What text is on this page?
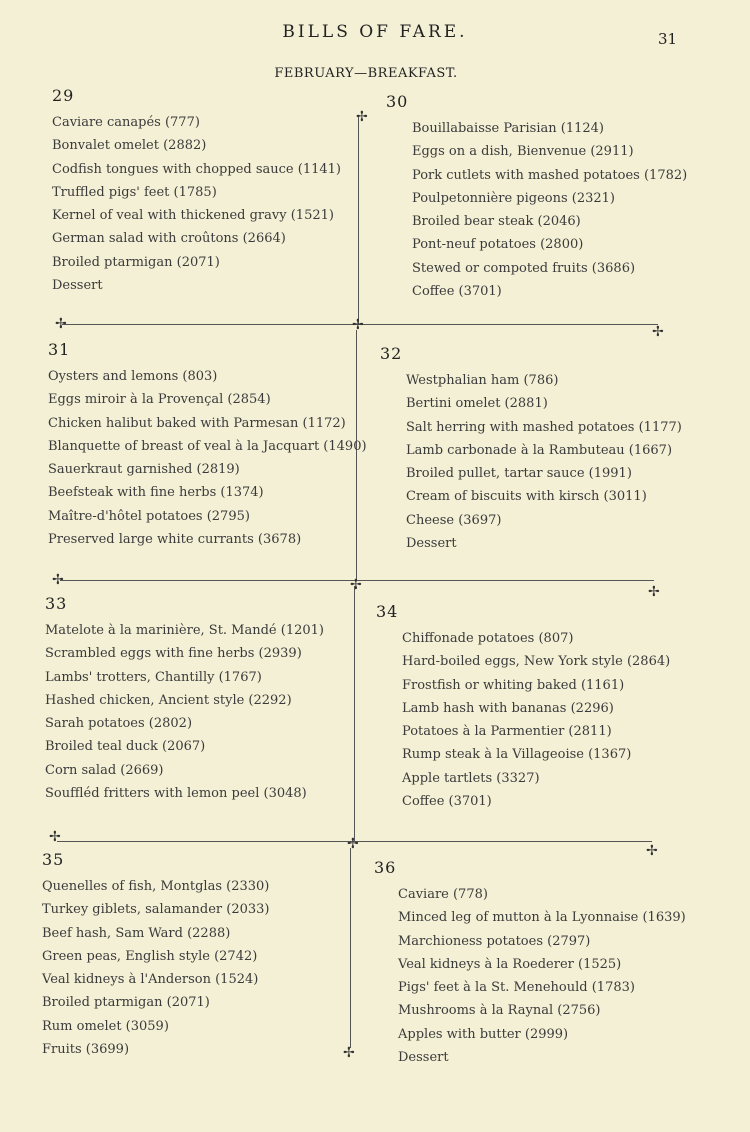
BILLS OF FARE.	31
FEBRUARY—BREAKFAST.
✢
✢	✢	✢
✢	✢	✢
✢	✢	✢
✢
29
Caviare canapés (777)
Bonvalet omelet (2882)
Codfish tongues with chopped sauce (1141)
Truffled pigs' feet (1785)
Kernel of veal with thickened gravy (1521)
German salad with croûtons (2664)
Broiled ptarmigan (2071)
Dessert
30
Bouillabaisse Parisian (1124)
Eggs on a dish, Bienvenue (2911)
Pork cutlets with mashed potatoes (1782)
Poulpetonnière pigeons (2321)
Broiled bear steak (2046)
Pont-neuf potatoes (2800)
Stewed or compoted fruits (3686)
Coffee (3701)
31
Oysters and lemons (803)
Eggs miroir à la Provençal (2854)
Chicken halibut baked with Parmesan (1172)
Blanquette of breast of veal à la Jacquart (1490)
Sauerkraut garnished (2819)
Beefsteak with fine herbs (1374)
Maître-d'hôtel potatoes (2795)
Preserved large white currants (3678)
32
Westphalian ham (786)
Bertini omelet (2881)
Salt herring with mashed potatoes (1177)
Lamb carbonade à la Rambuteau (1667)
Broiled pullet, tartar sauce (1991)
Cream of biscuits with kirsch (3011)
Cheese (3697)
Dessert
33
Matelote à la marinière, St. Mandé (1201)
Scrambled eggs with fine herbs (2939)
Lambs' trotters, Chantilly (1767)
Hashed chicken, Ancient style (2292)
Sarah potatoes (2802)
Broiled teal duck (2067)
Corn salad (2669)
Souffléd fritters with lemon peel (3048)
34
Chiffonade potatoes (807)
Hard-boiled eggs, New York style (2864)
Frostfish or whiting baked (1161)
Lamb hash with bananas (2296)
Potatoes à la Parmentier (2811)
Rump steak à la Villageoise (1367)
Apple tartlets (3327)
Coffee (3701)
35
Quenelles of fish, Montglas (2330)
Turkey giblets, salamander (2033)
Beef hash, Sam Ward (2288)
Green peas, English style (2742)
Veal kidneys à l'Anderson (1524)
Broiled ptarmigan (2071)
Rum omelet (3059)
Fruits (3699)
36
Caviare (778)
Minced leg of mutton à la Lyonnaise (1639)
Marchioness potatoes (2797)
Veal kidneys à la Roederer (1525)
Pigs' feet à la St. Menehould (1783)
Mushrooms à la Raynal (2756)
Apples with butter (2999)
Dessert
